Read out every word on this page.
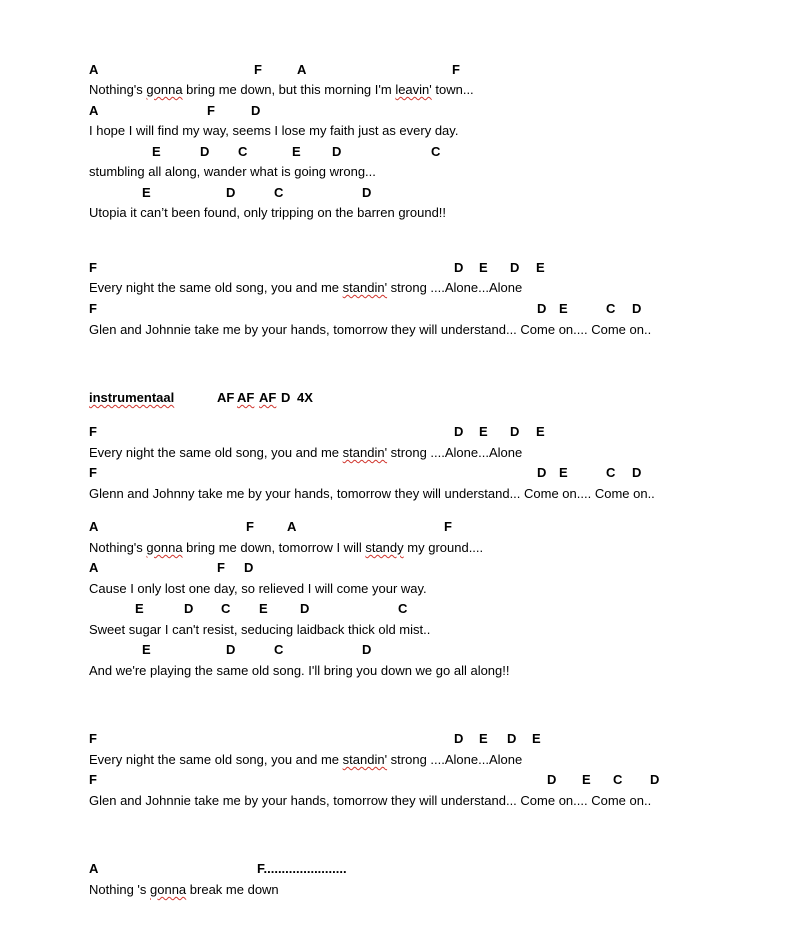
A	F	A	F
Nothing's gonna bring me down, but this morning I'm leavin' town...
A	F	D
I hope I will find my way, seems I lose my faith just as every day.
E	D C	E D	C
stumbling all along, wander what is going wrong...
E	D	C	D
Utopia it can’t been found, only tripping on the barren ground!!
F	D E D E
Every night the same old song, you and me standin' strong ....Alone...Alone
F	D E	C D
Glen and Johnnie take me by your hands, tomorrow they will understand... Come on.... Come on..
instrumentaal	AF AF AF D 4X
F	D E D E
Every night the same old song, you and me standin' strong ....Alone...Alone
F	D E	C D
Glenn and Johnny take me by your hands, tomorrow they will understand... Come on.... Come on..
A	F	A	F
Nothing's gonna bring me down, tomorrow I will standy my ground....
A	F D
Cause I only lost one day, so relieved I will come your way.
E	D C E D	C
Sweet sugar I can't resist, seducing laidback thick old mist..
E	D	C	D
And we're playing the same old song. I'll bring you down we go all along!!
F	D E D E
Every night the same old song, you and me standin' strong ....Alone...Alone
F	D E C D
Glen and Johnnie take me by your hands, tomorrow they will understand... Come on.... Come on..
A	F.......................
Nothing 's gonna break me down
